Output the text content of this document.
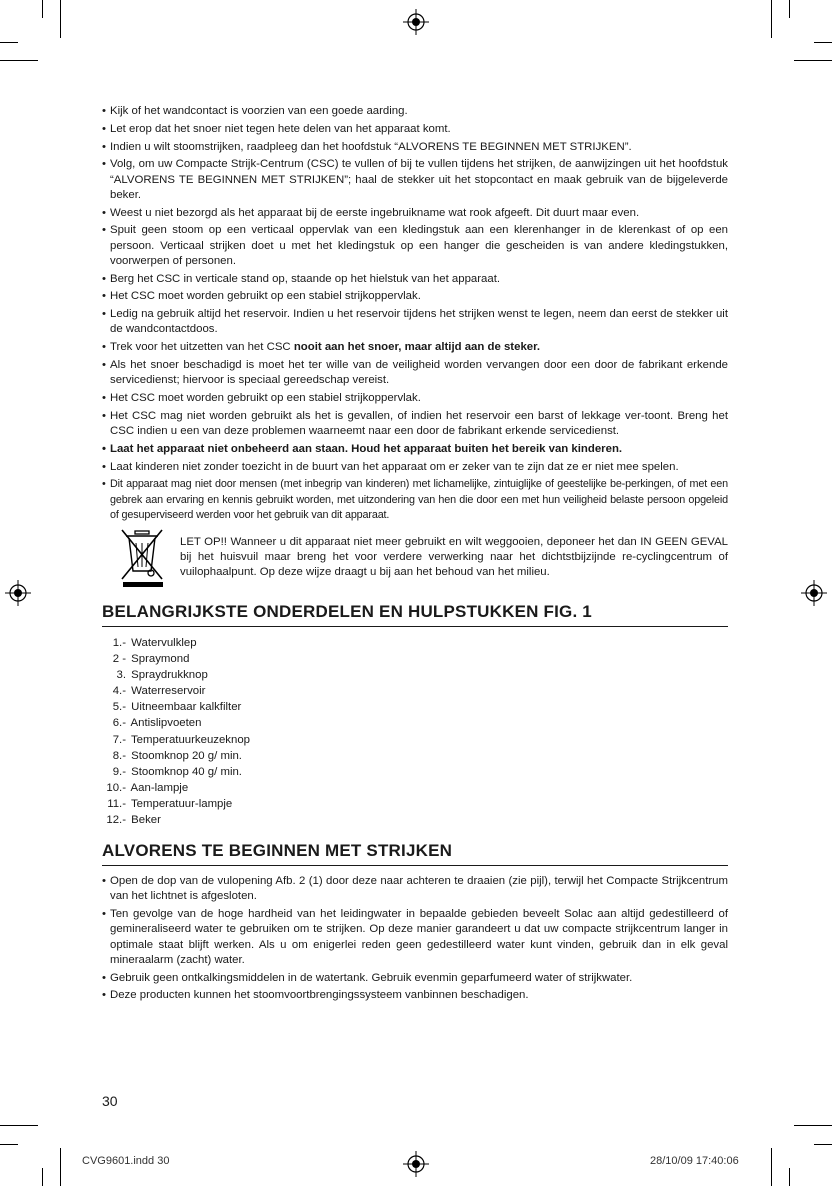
• Kijk of het wandcontact is voorzien van een goede aarding.
• Let erop dat het snoer niet tegen hete delen van het apparaat komt.
• Indien u wilt stoomstrijken, raadpleeg dan het hoofdstuk “ALVORENS TE BEGINNEN MET STRIJKEN”.
• Volg, om uw Compacte Strijk-Centrum (CSC) te vullen of bij te vullen tijdens het strijken, de aanwijzingen uit het hoofdstuk “ALVORENS TE BEGINNEN MET STRIJKEN”; haal de stekker uit het stopcontact en maak gebruik van de bijgeleverde beker.
• Weest u niet bezorgd als het apparaat bij de eerste ingebruikname wat rook afgeeft. Dit duurt maar even.
• Spuit geen stoom op een verticaal oppervlak van een kledingstuk aan een klerenhanger in de klerenkast of op een persoon. Verticaal strijken doet u met het kledingstuk op een hanger die gescheiden is van andere kledingstukken, voorwerpen of personen.
• Berg het CSC in verticale stand op, staande op het hielstuk van het apparaat.
• Het CSC moet worden gebruikt op een stabiel strijkoppervlak.
• Ledig na gebruik altijd het reservoir. Indien u het reservoir tijdens het strijken wenst te legen, neem dan eerst de stekker uit de wandcontactdoos.
• Trek voor het uitzetten van het CSC nooit aan het snoer, maar altijd aan de steker.
• Als het snoer beschadigd is moet het ter wille van de veiligheid worden vervangen door een door de fabrikant erkende servicedienst; hiervoor is speciaal gereedschap vereist.
• Het CSC moet worden gebruikt op een stabiel strijkoppervlak.
• Het CSC mag niet worden gebruikt als het is gevallen, of indien het reservoir een barst of lekkage ver-toont. Breng het CSC indien u een van deze problemen waarneemt naar een door de fabrikant erkende servicedienst.
• Laat het apparaat niet onbeheerd aan staan. Houd het apparaat buiten het bereik van kinderen.
• Laat kinderen niet zonder toezicht in de buurt van het apparaat om er zeker van te zijn dat ze er niet mee spelen.
• Dit apparaat mag niet door mensen (met inbegrip van kinderen) met lichamelijke, zintuiglijke of geestelijke be-perkingen, of met een gebrek aan ervaring en kennis gebruikt worden, met uitzondering van hen die door een met hun veiligheid belaste persoon opgeleid of gesuperviseerd werden voor het gebruik van dit apparaat.
LET OP!! Wanneer u dit apparaat niet meer gebruikt en wilt weggooien, deponeer het dan IN GEEN GEVAL bij het huisvuil maar breng het voor verdere verwerking naar het dichtstbijzijnde re-cyclingcentrum of vuilophaalpunt. Op deze wijze draagt u bij aan het behoud van het milieu.
BELANGRIJKSTE ONDERDELEN EN HULPSTUKKEN FIG. 1
1.- Watervulklep
2 - Spraymond
3. Spraydrukknop
4.- Waterreservoir
5.- Uitneembaar kalkfilter
6.- Antislipvoeten
7.- Temperatuurkeuzeknop
8.- Stoomknop 20 g/ min.
9.- Stoomknop 40 g/ min.
10.- Aan-lampje
11.- Temperatuur-lampje
12.- Beker
ALVORENS TE BEGINNEN MET STRIJKEN
• Open de dop van de vulopening Afb. 2 (1) door deze naar achteren te draaien (zie pijl), terwijl het Compacte Strijkcentrum van het lichtnet is afgesloten.
• Ten gevolge van de hoge hardheid van het leidingwater in bepaalde gebieden beveelt Solac aan altijd gedestilleerd of gemineraliseerd water te gebruiken om te strijken. Op deze manier garandeert u dat uw compacte strijkcentrum langer in optimale staat blijft werken. Als u om enigerlei reden geen gedestilleerd water kunt vinden, gebruik dan in elk geval mineraalarm (zacht) water.
• Gebruik geen ontkalkingsmiddelen in de watertank. Gebruik evenmin geparfumeerd water of strijkwater.
• Deze producten kunnen het stoomvoortbrengingssysteem vanbinnen beschadigen.
30
CVG9601.indd 30	28/10/09 17:40:06
